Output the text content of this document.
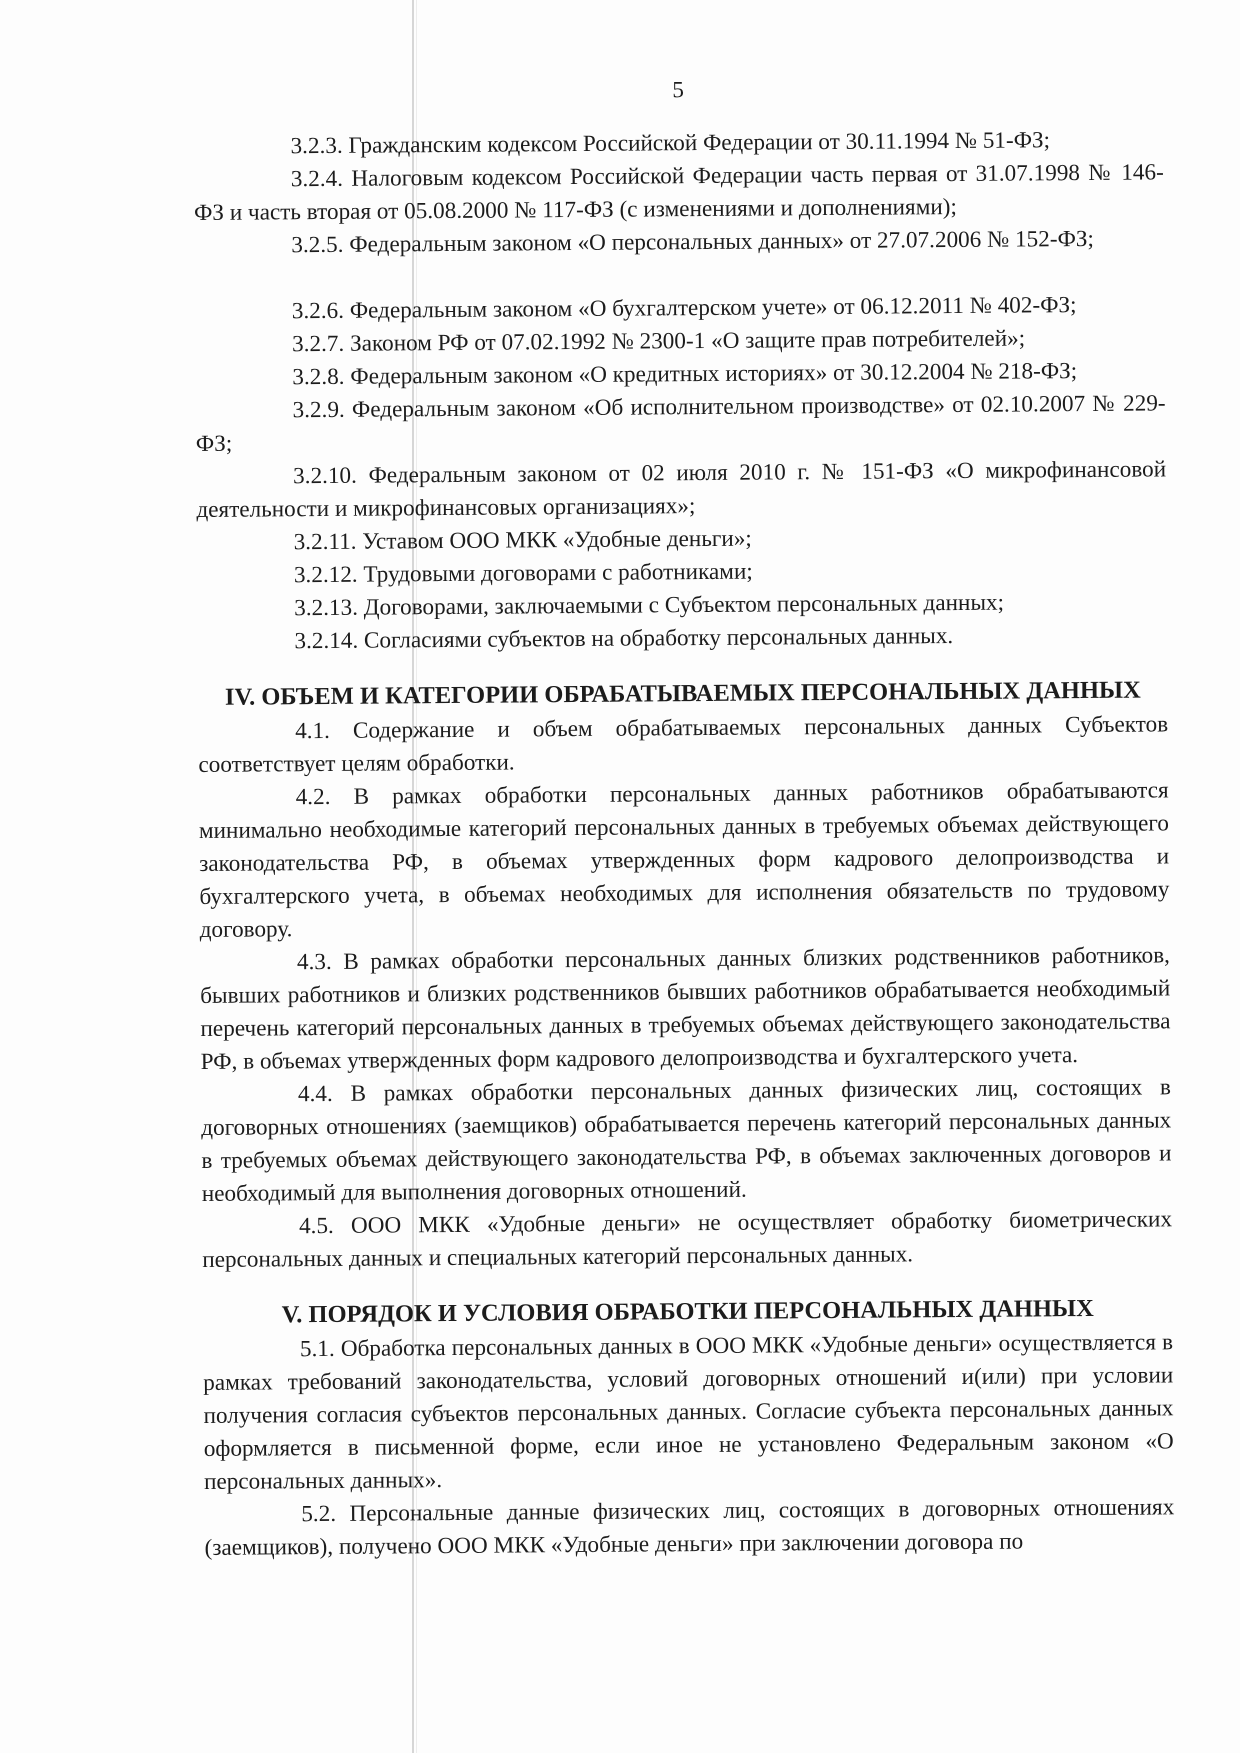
5

3.2.3. Гражданским кодексом Российской Федерации от 30.11.1994 № 51-ФЗ;

3.2.4. Налоговым кодексом Российской Федерации часть первая от 31.07.1998 № 146-ФЗ и часть вторая от 05.08.2000 № 117-ФЗ (с изменениями и дополнениями);

3.2.5. Федеральным законом «О персональных данных» от 27.07.2006 № 152-ФЗ;

3.2.6. Федеральным законом «О бухгалтерском учете» от 06.12.2011 № 402-ФЗ;

3.2.7. Законом РФ от 07.02.1992 № 2300-1 «О защите прав потребителей»;

3.2.8. Федеральным законом «О кредитных историях» от 30.12.2004 № 218-ФЗ;

3.2.9. Федеральным законом «Об исполнительном производстве» от 02.10.2007 № 229-ФЗ;

3.2.10. Федеральным законом от 02 июля 2010 г. № 151-ФЗ «О микрофинансовой деятельности и микрофинансовых организациях»;

3.2.11. Уставом ООО МКК «Удобные деньги»;

3.2.12. Трудовыми договорами с работниками;

3.2.13. Договорами, заключаемыми с Субъектом персональных данных;

3.2.14. Согласиями субъектов на обработку персональных данных.

IV. ОБЪЕМ И КАТЕГОРИИ ОБРАБАТЫВАЕМЫХ ПЕРСОНАЛЬНЫХ ДАННЫХ

4.1. Содержание и объем обрабатываемых персональных данных Субъектов соответствует целям обработки.

4.2. В рамках обработки персональных данных работников обрабатываются минимально необходимые категорий персональных данных в требуемых объемах действующего законодательства РФ, в объемах утвержденных форм кадрового делопроизводства и бухгалтерского учета, в объемах необходимых для исполнения обязательств по трудовому договору.

4.3. В рамках обработки персональных данных близких родственников работников, бывших работников и близких родственников бывших работников обрабатывается необходимый перечень категорий персональных данных в требуемых объемах действующего законодательства РФ, в объемах утвержденных форм кадрового делопроизводства и бухгалтерского учета.

4.4. В рамках обработки персональных данных физических лиц, состоящих в договорных отношениях (заемщиков) обрабатывается перечень категорий персональных данных в требуемых объемах действующего законодательства РФ, в объемах заключенных договоров и необходимый для выполнения договорных отношений.

4.5. ООО МКК «Удобные деньги» не осуществляет обработку биометрических персональных данных и специальных категорий персональных данных.

V. ПОРЯДОК И УСЛОВИЯ ОБРАБОТКИ ПЕРСОНАЛЬНЫХ ДАННЫХ

5.1. Обработка персональных данных в ООО МКК «Удобные деньги» осуществляется в рамках требований законодательства, условий договорных отношений и(или) при условии получения согласия субъектов персональных данных. Согласие субъекта персональных данных оформляется в письменной форме, если иное не установлено Федеральным законом «О персональных данных».

5.2. Персональные данные физических лиц, состоящих в договорных отношениях (заемщиков), получено ООО МКК «Удобные деньги» при заключении договора по
